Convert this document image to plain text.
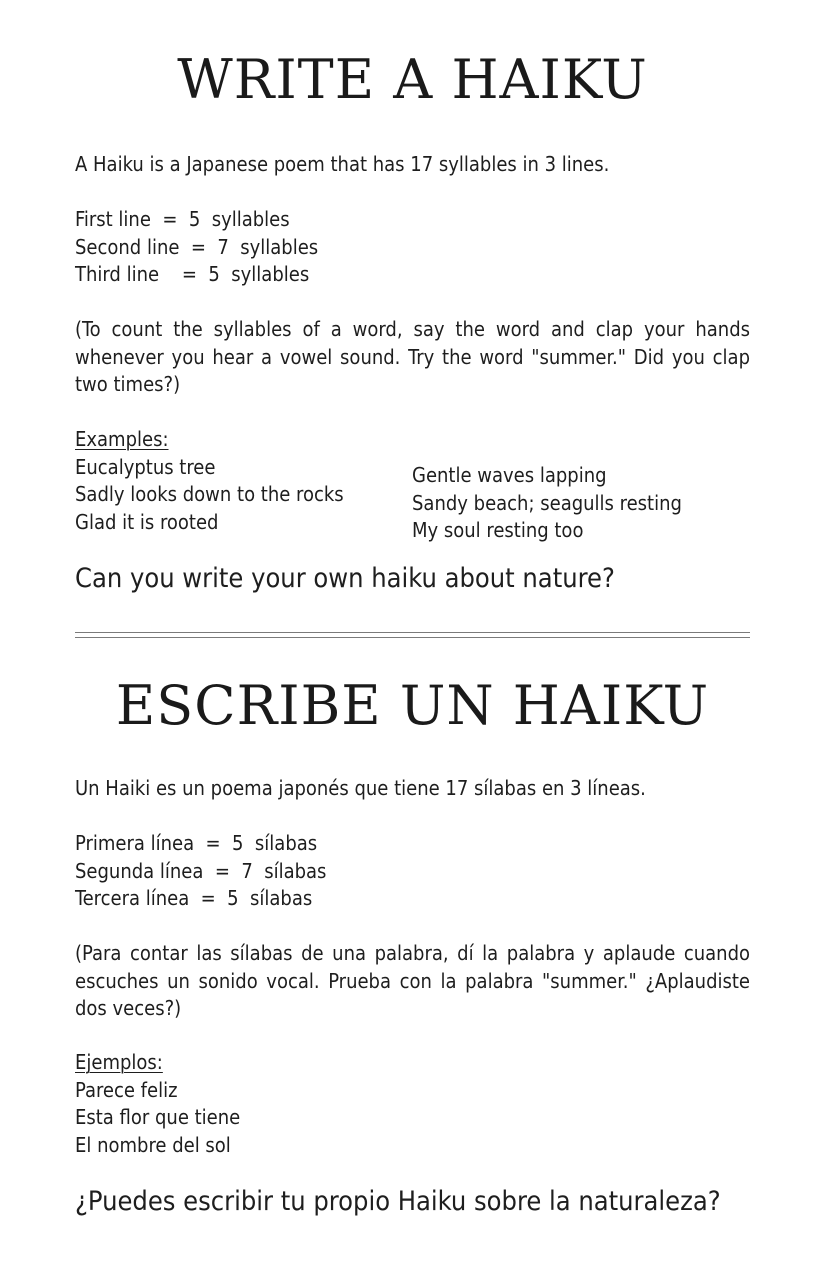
WRITE A HAIKU

A Haiku is a Japanese poem that has 17 syllables in 3 lines.

First line  =  5  syllables
Second line  =  7  syllables
Third line    =  5  syllables

(To count the syllables of a word, say the word and clap your hands whenever you hear a vowel sound. Try the word "summer." Did you clap two times?)

Examples:
Eucalyptus tree
Sadly looks down to the rocks
Glad it is rooted
Gentle waves lapping
Sandy beach; seagulls resting
My soul resting too

Can you write your own haiku about nature?

ESCRIBE UN HAIKU

Un Haiki es un poema japonés que tiene 17 sílabas en 3 líneas.

Primera línea  =  5  sílabas
Segunda línea  =  7  sílabas
Tercera línea  =  5  sílabas

(Para contar las sílabas de una palabra, dí la palabra y aplaude cuando escuches un sonido vocal. Prueba con la palabra "summer." ¿Aplaudiste dos veces?)

Ejemplos:
Parece feliz
Esta flor que tiene
El nombre del sol

¿Puedes escribir tu propio Haiku sobre la naturaleza?
